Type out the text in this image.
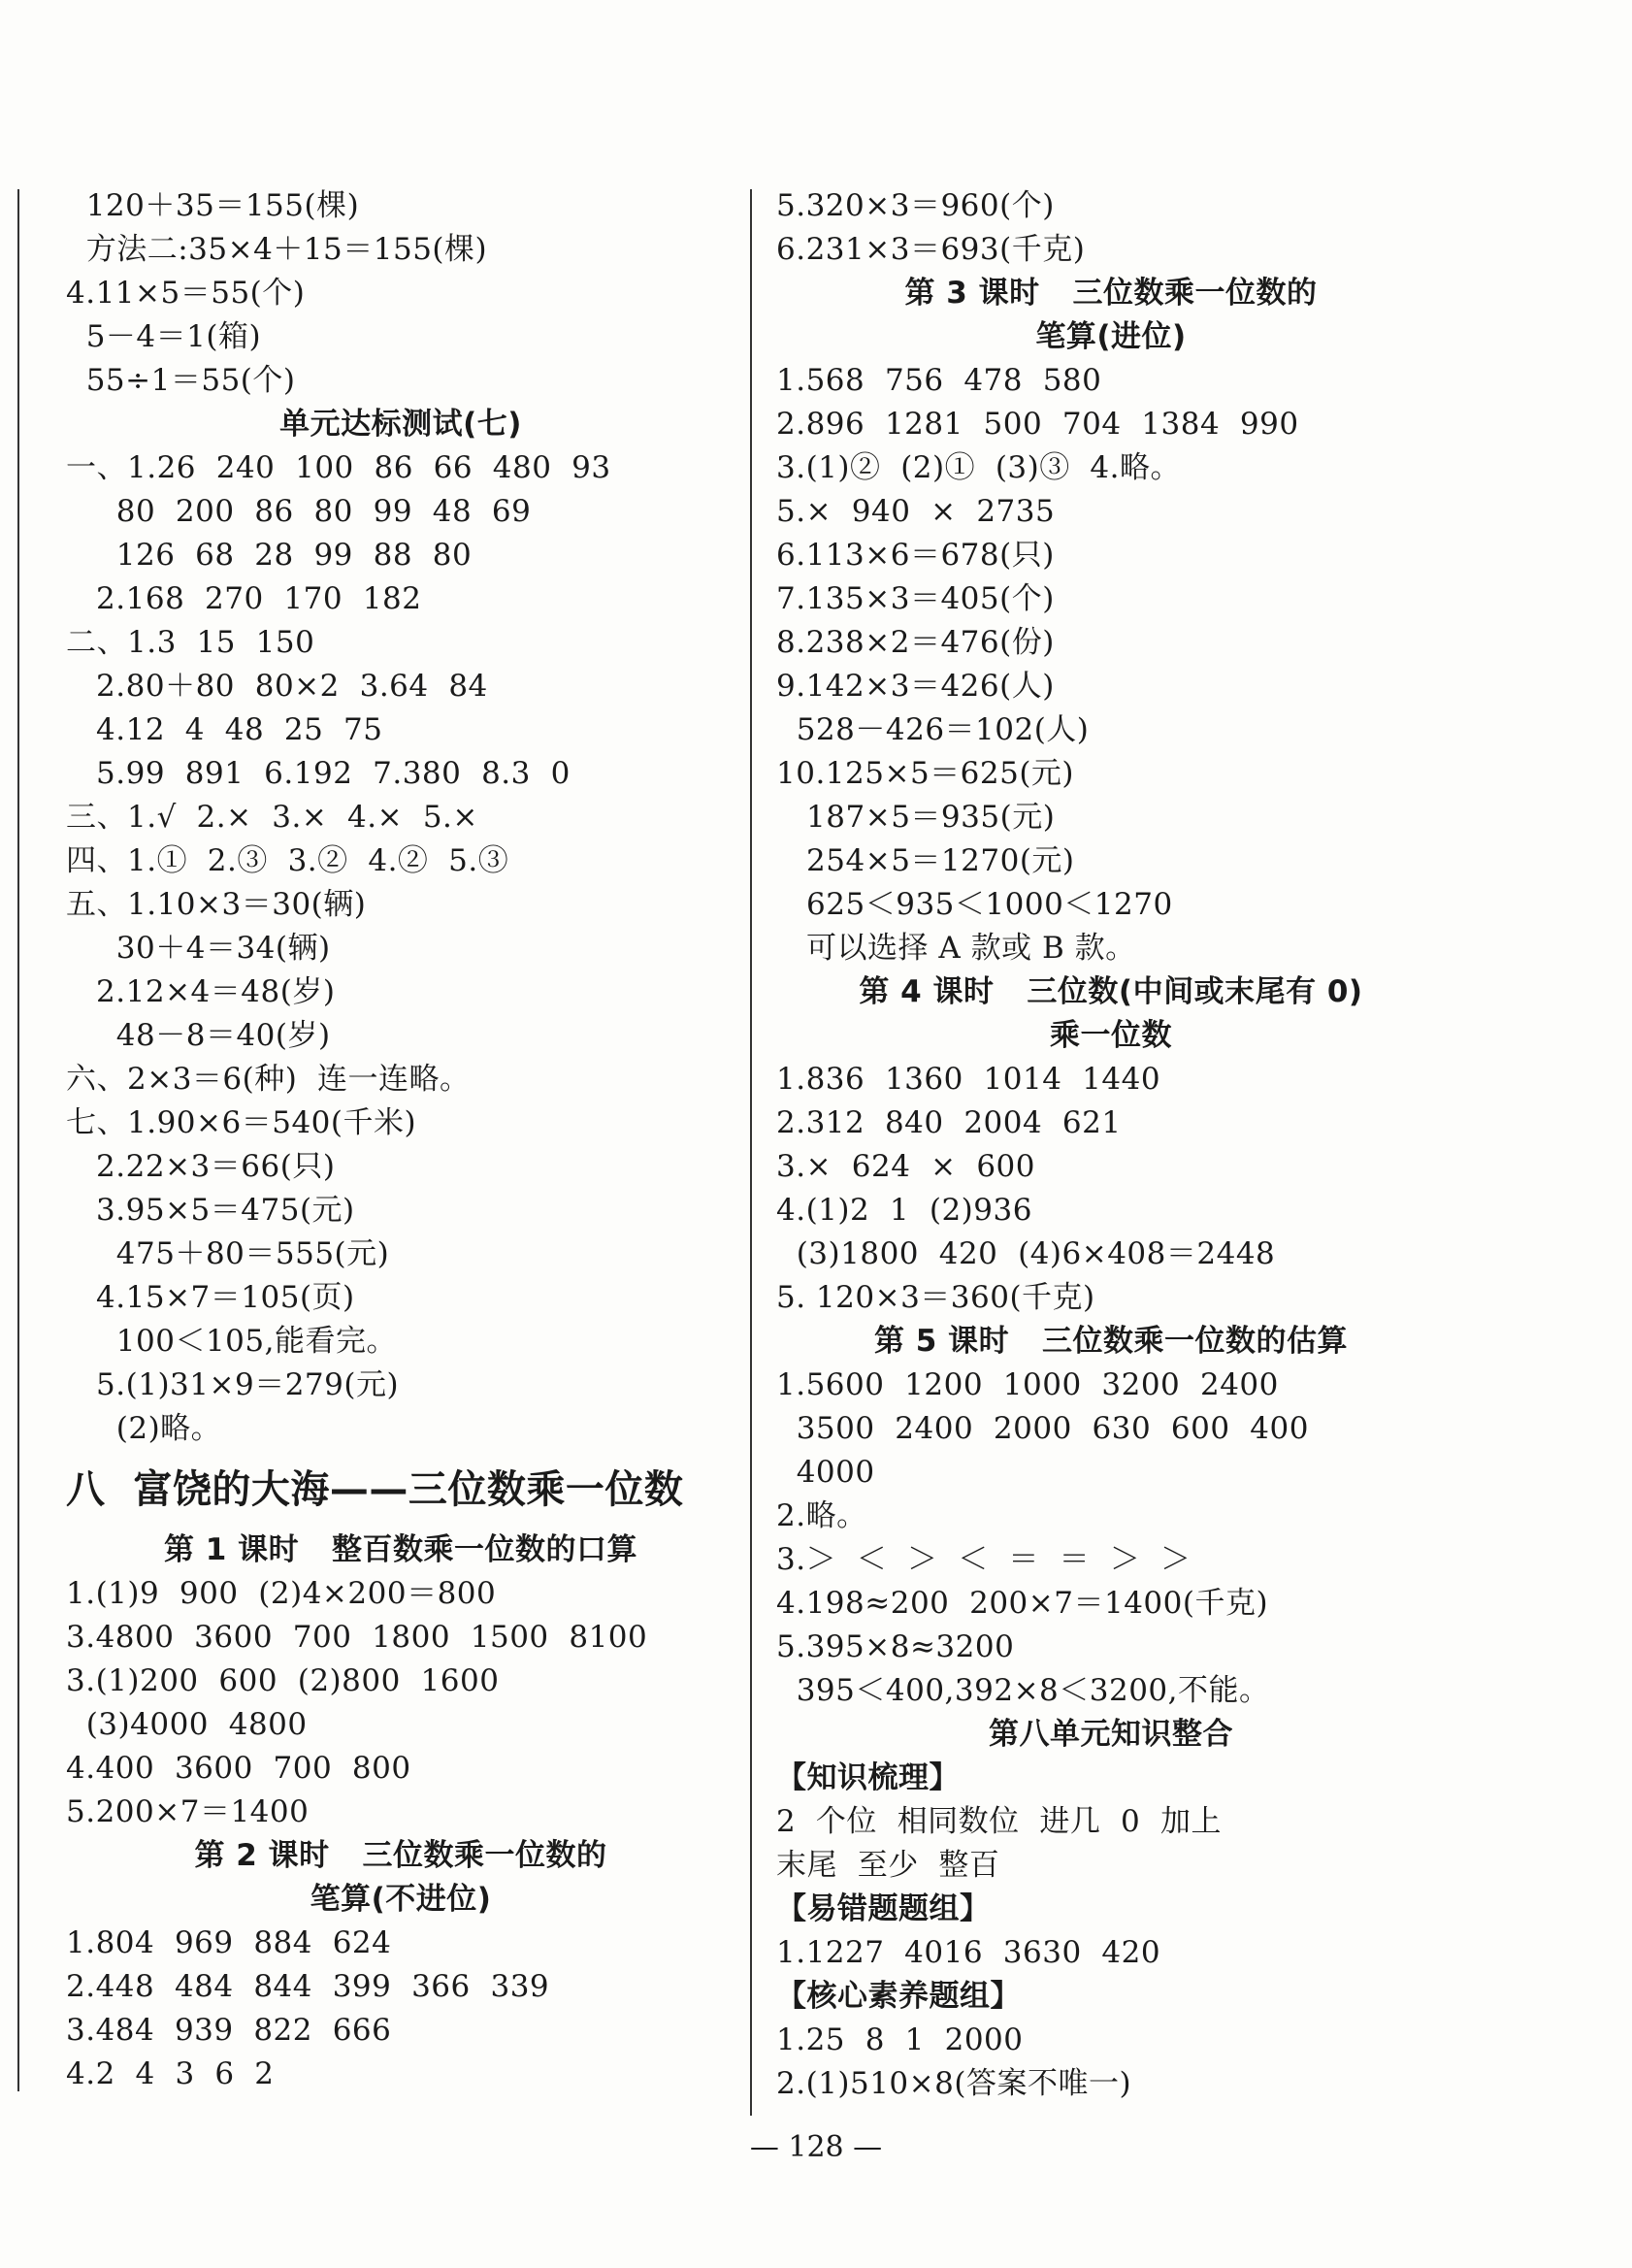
120＋35＝155(棵)
方法二:35×4＋15＝155(棵)
4.11×5＝55(个)
5－4＝1(箱)
55÷1＝55(个)
单元达标测试(七)
一、1.26  240  100  86  66  480  93
80  200  86  80  99  48  69
126  68  28  99  88  80
2.168  270  170  182
二、1.3  15  150
2.80＋80  80×2  3.64  84
4.12  4  48  25  75
5.99  891  6.192  7.380  8.3  0
三、1.√  2.×  3.×  4.×  5.×
四、1.①  2.③  3.②  4.②  5.③
五、1.10×3＝30(辆)
30＋4＝34(辆)
2.12×4＝48(岁)
48－8＝40(岁)
六、2×3＝6(种)  连一连略。
七、1.90×6＝540(千米)
2.22×3＝66(只)
3.95×5＝475(元)
475＋80＝555(元)
4.15×7＝105(页)
100＜105,能看完。
5.(1)31×9＝279(元)
(2)略。
八  富饶的大海——三位数乘一位数
第 1 课时   整百数乘一位数的口算
1.(1)9  900  (2)4×200＝800
3.4800  3600  700  1800  1500  8100
3.(1)200  600  (2)800  1600
(3)4000  4800
4.400  3600  700  800
5.200×7＝1400
第 2 课时   三位数乘一位数的
笔算(不进位)
1.804  969  884  624
2.448  484  844  399  366  339
3.484  939  822  666
4.2  4  3  6  2
5.320×3＝960(个)
6.231×3＝693(千克)
第 3 课时   三位数乘一位数的
笔算(进位)
1.568  756  478  580
2.896  1281  500  704  1384  990
3.(1)②  (2)①  (3)③  4.略。
5.×  940  ×  2735
6.113×6＝678(只)
7.135×3＝405(个)
8.238×2＝476(份)
9.142×3＝426(人)
528－426＝102(人)
10.125×5＝625(元)
187×5＝935(元)
254×5＝1270(元)
625＜935＜1000＜1270
可以选择 A 款或 B 款。
第 4 课时   三位数(中间或末尾有 0)
乘一位数
1.836  1360  1014  1440
2.312  840  2004  621
3.×  624  ×  600
4.(1)2  1  (2)936
(3)1800  420  (4)6×408＝2448
5. 120×3＝360(千克)
第 5 课时   三位数乘一位数的估算
1.5600  1200  1000  3200  2400
3500  2400  2000  630  600  400
4000
2.略。
3.＞  ＜  ＞  ＜  ＝  ＝  ＞  ＞
4.198≈200  200×7＝1400(千克)
5.395×8≈3200
395＜400,392×8＜3200,不能。
第八单元知识整合
【知识梳理】
2  个位  相同数位  进几  0  加上
末尾  至少  整百
【易错题题组】
1.1227  4016  3630  420
【核心素养题组】
1.25  8  1  2000
2.(1)510×8(答案不唯一)
— 128 —
